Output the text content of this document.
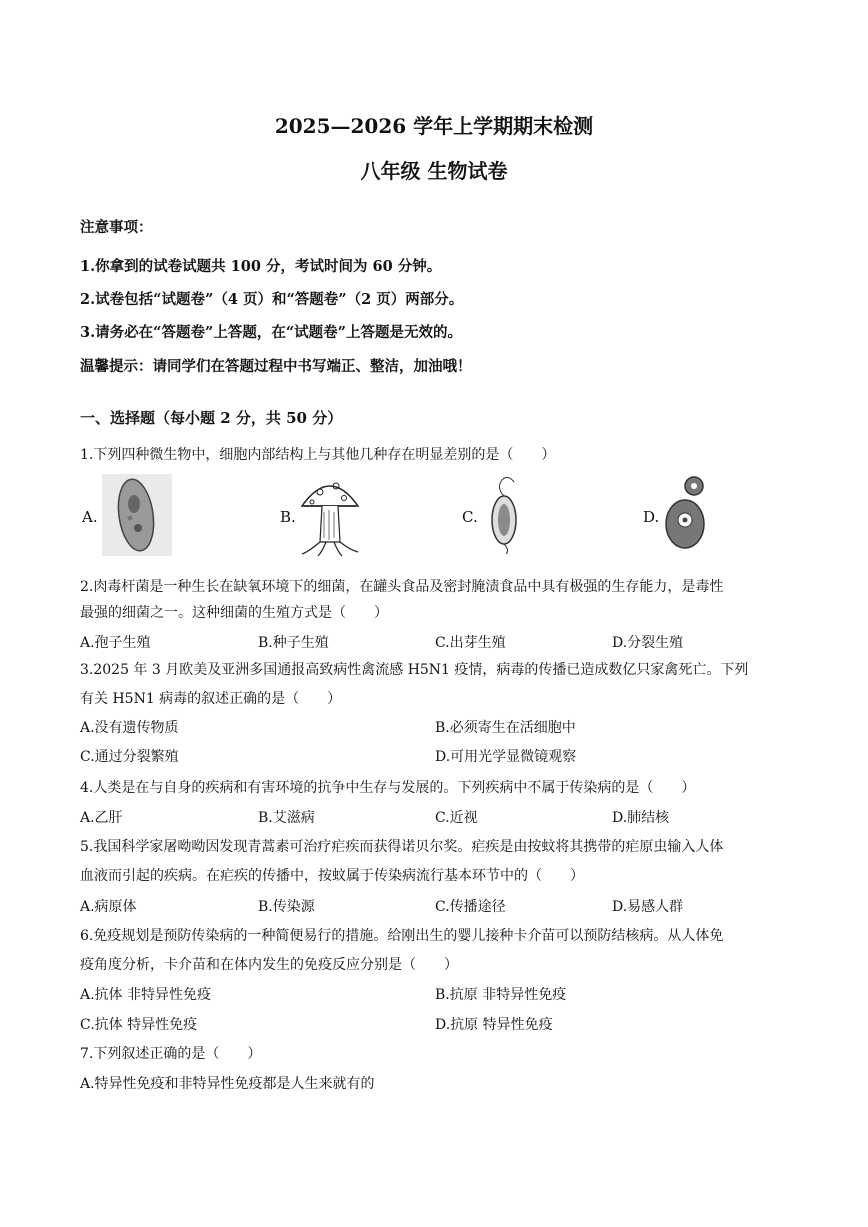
2025—2026 学年上学期期末检测
八年级 生物试卷
注意事项：
1.你拿到的试卷试题共 100 分，考试时间为 60 分钟。
2.试卷包括“试题卷”（4 页）和“答题卷”（2 页）两部分。
3.请务必在“答题卷”上答题，在“试题卷”上答题是无效的。
温馨提示：请同学们在答题过程中书写端正、整洁，加油哦！
一、选择题（每小题 2 分，共 50 分）
1.下列四种微生物中，细胞内部结构上与其他几种存在明显差别的是（　　）
A.	B.	C.	D.
2.肉毒杆菌是一种生长在缺氧环境下的细菌，在罐头食品及密封腌渍食品中具有极强的生存能力，是毒性
最强的细菌之一。这种细菌的生殖方式是（　　）
A.孢子生殖	B.种子生殖	C.出芽生殖	D.分裂生殖
3.2025 年 3 月欧美及亚洲多国通报高致病性禽流感 H5N1 疫情，病毒的传播已造成数亿只家禽死亡。下列
有关 H5N1 病毒的叙述正确的是（　　）
A.没有遗传物质	B.必须寄生在活细胞中
C.通过分裂繁殖	D.可用光学显微镜观察
4.人类是在与自身的疾病和有害环境的抗争中生存与发展的。下列疾病中不属于传染病的是（　　）
A.乙肝	B.艾滋病	C.近视	D.肺结核
5.我国科学家屠呦呦因发现青蒿素可治疗疟疾而获得诺贝尔奖。疟疾是由按蚊将其携带的疟原虫输入人体
血液而引起的疾病。在疟疾的传播中，按蚊属于传染病流行基本环节中的（　　）
A.病原体	B.传染源	C.传播途径	D.易感人群
6.免疫规划是预防传染病的一种简便易行的措施。给刚出生的婴儿接种卡介苗可以预防结核病。从人体免
疫角度分析，卡介苗和在体内发生的免疫反应分别是（　　）
A.抗体 非特异性免疫	B.抗原 非特异性免疫
C.抗体 特异性免疫	D.抗原 特异性免疫
7.下列叙述正确的是（　　）
A.特异性免疫和非特异性免疫都是人生来就有的
